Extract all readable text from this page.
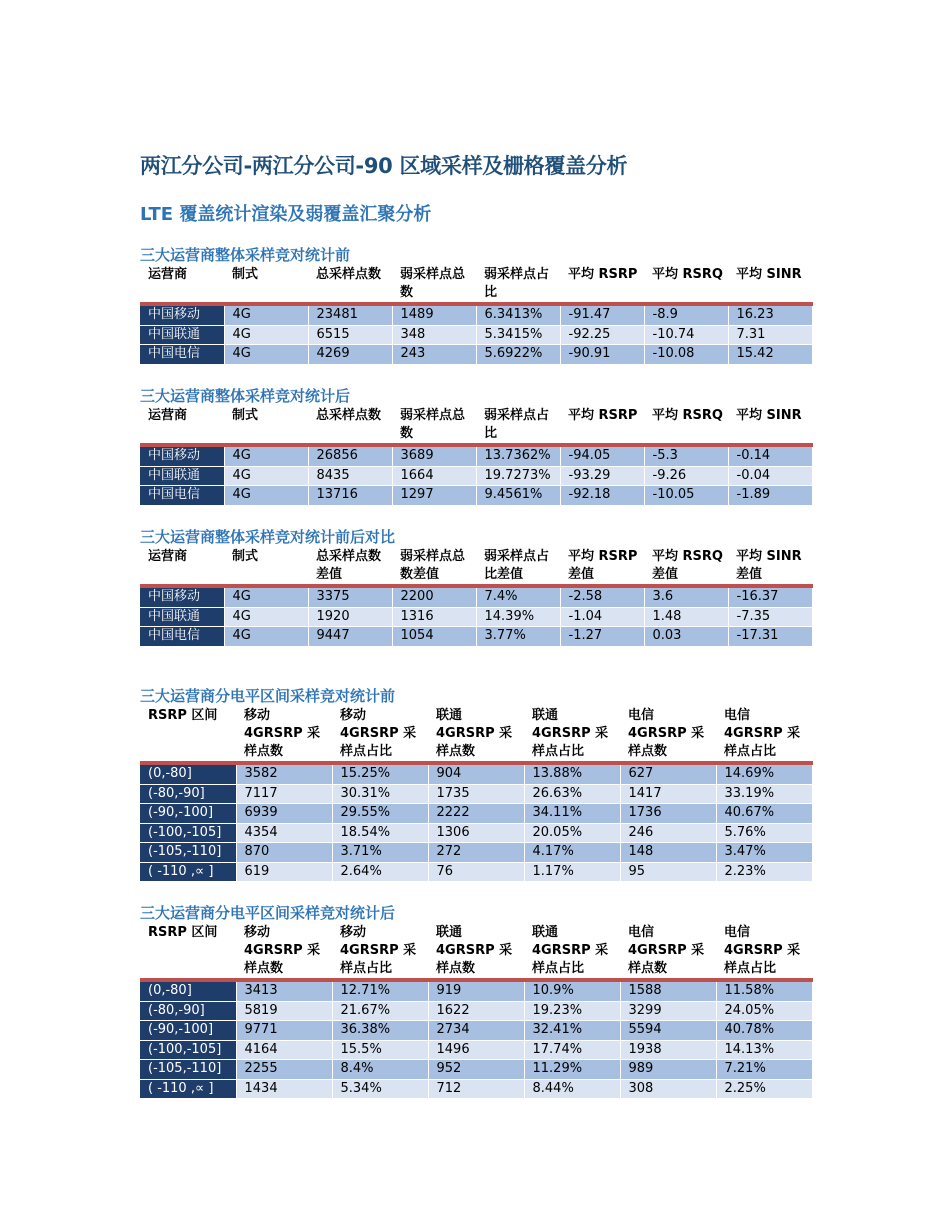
两江分公司-两江分公司-90 区域采样及栅格覆盖分析
LTE 覆盖统计渲染及弱覆盖汇聚分析
三大运营商整体采样竞对统计前
运营商	制式	总采样点数	弱采样点总数	弱采样点占比	平均 RSRP	平均 RSRQ	平均 SINR
中国移动	4G	23481	1489	6.3413%	-91.47	-8.9	16.23
中国联通	4G	6515	348	5.3415%	-92.25	-10.74	7.31
中国电信	4G	4269	243	5.6922%	-90.91	-10.08	15.42
三大运营商整体采样竞对统计后
运营商	制式	总采样点数	弱采样点总数	弱采样点占比	平均 RSRP	平均 RSRQ	平均 SINR
中国移动	4G	26856	3689	13.7362%	-94.05	-5.3	-0.14
中国联通	4G	8435	1664	19.7273%	-93.29	-9.26	-0.04
中国电信	4G	13716	1297	9.4561%	-92.18	-10.05	-1.89
三大运营商整体采样竞对统计前后对比
运营商	制式	总采样点数差值	弱采样点总数差值	弱采样点占比差值	平均 RSRP 差值	平均 RSRQ 差值	平均 SINR 差值
中国移动	4G	3375	2200	7.4%	-2.58	3.6	-16.37
中国联通	4G	1920	1316	14.39%	-1.04	1.48	-7.35
中国电信	4G	9447	1054	3.77%	-1.27	0.03	-17.31
三大运营商分电平区间采样竞对统计前
RSRP 区间	移动 4GRSRP 采样点数	移动 4GRSRP 采样点占比	联通 4GRSRP 采样点数	联通 4GRSRP 采样点占比	电信 4GRSRP 采样点数	电信 4GRSRP 采样点占比
(0,-80]	3582	15.25%	904	13.88%	627	14.69%
(-80,-90]	7117	30.31%	1735	26.63%	1417	33.19%
(-90,-100]	6939	29.55%	2222	34.11%	1736	40.67%
(-100,-105]	4354	18.54%	1306	20.05%	246	5.76%
(-105,-110]	870	3.71%	272	4.17%	148	3.47%
( -110 ,∝ ]	619	2.64%	76	1.17%	95	2.23%
三大运营商分电平区间采样竞对统计后
RSRP 区间	移动 4GRSRP 采样点数	移动 4GRSRP 采样点占比	联通 4GRSRP 采样点数	联通 4GRSRP 采样点占比	电信 4GRSRP 采样点数	电信 4GRSRP 采样点占比
(0,-80]	3413	12.71%	919	10.9%	1588	11.58%
(-80,-90]	5819	21.67%	1622	19.23%	3299	24.05%
(-90,-100]	9771	36.38%	2734	32.41%	5594	40.78%
(-100,-105]	4164	15.5%	1496	17.74%	1938	14.13%
(-105,-110]	2255	8.4%	952	11.29%	989	7.21%
( -110 ,∝ ]	1434	5.34%	712	8.44%	308	2.25%
